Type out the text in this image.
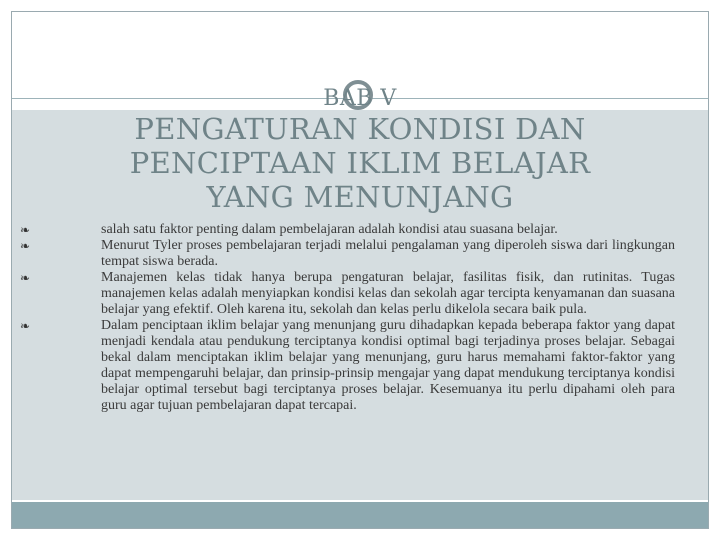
BAB V
PENGATURAN KONDISI DAN
PENCIPTAAN IKLIM BELAJAR
YANG MENUNJANG
❧	salah satu faktor penting dalam pembelajaran adalah kondisi atau suasana belajar.
❧	Menurut Tyler proses pembelajaran terjadi melalui pengalaman yang diperoleh siswa dari lingkungan tempat siswa berada.
❧	Manajemen kelas tidak hanya berupa pengaturan belajar, fasilitas fisik, dan rutinitas. Tugas manajemen kelas adalah menyiapkan kondisi kelas dan sekolah agar tercipta kenyamanan dan suasana belajar yang efektif. Oleh karena itu, sekolah dan kelas perlu dikelola secara baik pula.
❧	Dalam penciptaan iklim belajar yang menunjang guru dihadapkan kepada beberapa faktor yang dapat menjadi kendala atau pendukung terciptanya kondisi optimal bagi terjadinya proses belajar. Sebagai bekal dalam menciptakan iklim belajar yang menunjang, guru harus memahami faktor-faktor yang dapat mempengaruhi belajar, dan prinsip-prinsip mengajar yang dapat mendukung terciptanya kondisi belajar optimal tersebut bagi terciptanya proses belajar. Kesemuanya itu perlu dipahami oleh para guru agar tujuan pembelajaran dapat tercapai.
